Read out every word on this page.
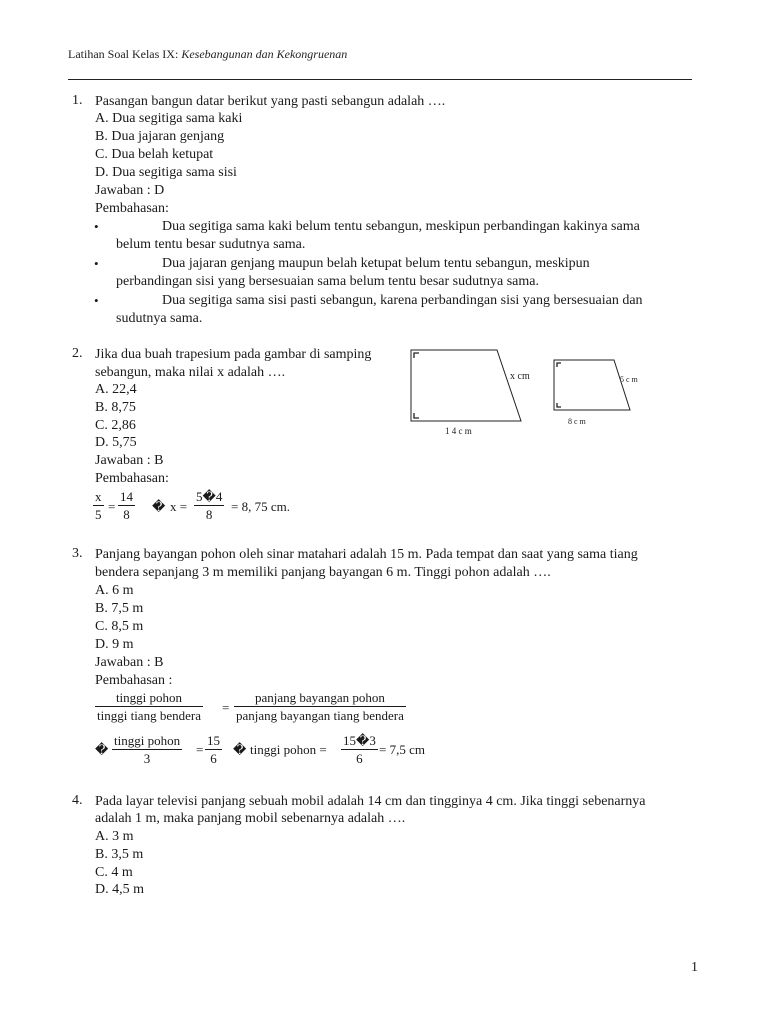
Latihan Soal Kelas IX: Kesebangunan dan Kekongruenan
1. Pasangan bangun datar berikut yang pasti sebangun adalah ….
A. Dua segitiga sama kaki
B. Dua jajaran genjang
C. Dua belah ketupat
D. Dua segitiga sama sisi
Jawaban : D
Pembahasan:
•	Dua segitiga sama kaki belum tentu sebangun, meskipun perbandingan kakinya sama
belum tentu besar sudutnya sama.
•	Dua jajaran genjang maupun belah ketupat belum tentu sebangun, meskipun
perbandingan sisi yang bersesuaian sama belum tentu besar sudutnya sama.
•	Dua segitiga sama sisi pasti sebangun, karena perbandingan sisi yang bersesuaian dan
sudutnya sama.
2. Jika dua buah trapesium pada gambar di samping
sebangun, maka nilai x adalah ….
A. 22,4
B. 8,75
C. 2,86
D. 5,75
Jawaban : B
Pembahasan:
x cm
1 4 c m
5 c m
8 c m
x
5
=
14
8
� x =
5�4
8
= 8, 75 cm.
3. Panjang bayangan pohon oleh sinar matahari adalah 15 m. Pada tempat dan saat yang sama tiang
bendera sepanjang 3 m memiliki panjang bayangan 6 m. Tinggi pohon adalah ….
A. 6 m
B. 7,5 m
C. 8,5 m
D. 9 m
Jawaban : B
Pembahasan :
tinggi pohon
tinggi tiang bendera
=
panjang bayangan pohon
panjang bayangan tiang bendera
�
tinggi pohon
3
=
15
6
� tinggi pohon =
15�3
6
= 7,5 cm
4. Pada layar televisi panjang sebuah mobil adalah 14 cm dan tingginya 4 cm. Jika tinggi sebenarnya
adalah 1 m, maka panjang mobil sebenarnya adalah ….
A. 3 m
B. 3,5 m
C. 4 m
D. 4,5 m
1
